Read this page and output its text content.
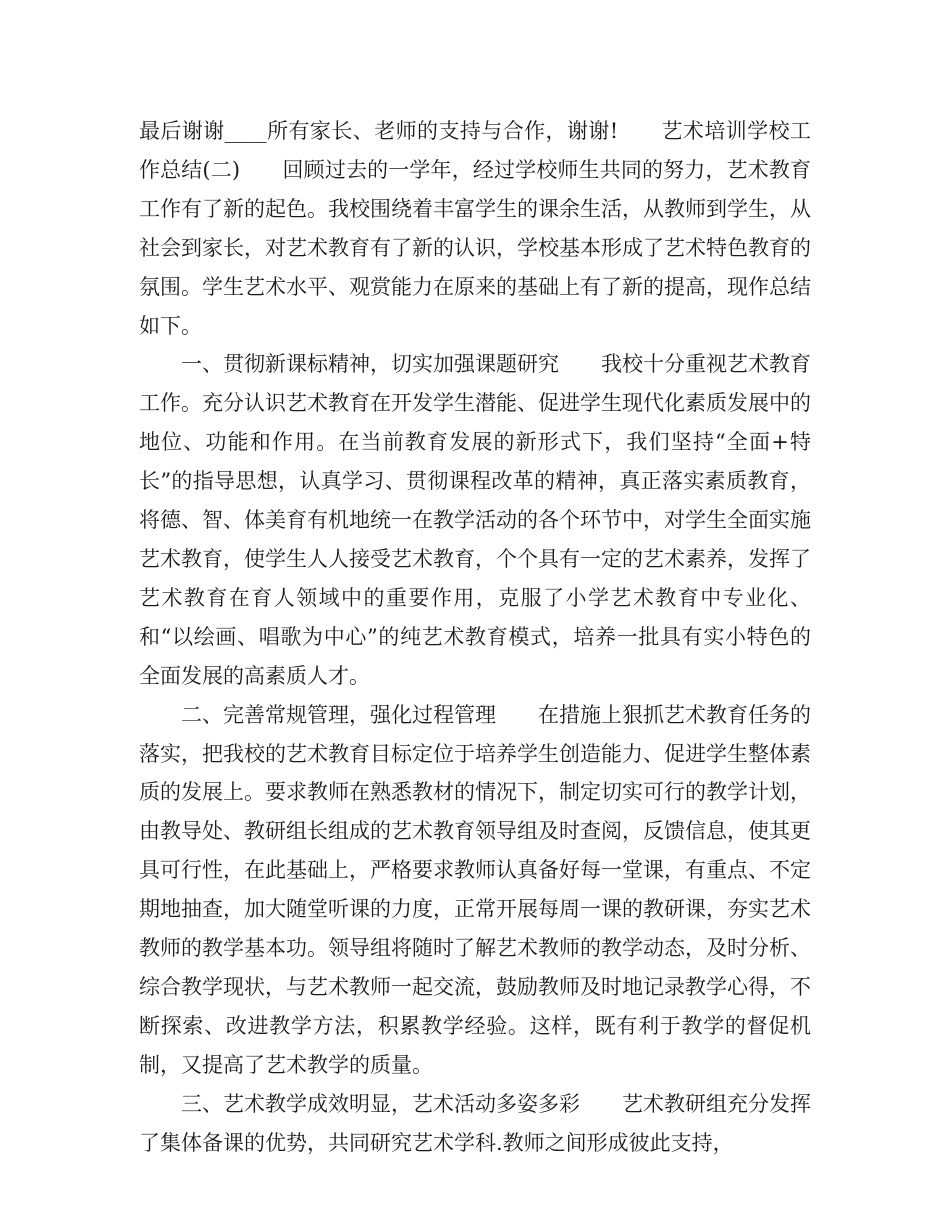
最后谢谢____所有家长、老师的支持与合作，谢谢!　　艺术培训学校工作总结(二)　　回顾过去的一学年，经过学校师生共同的努力，艺术教育工作有了新的起色。我校围绕着丰富学生的课余生活，从教师到学生，从社会到家长，对艺术教育有了新的认识，学校基本形成了艺术特色教育的氛围。学生艺术水平、观赏能力在原来的基础上有了新的提高，现作总结如下。

一、贯彻新课标精神，切实加强课题研究　　我校十分重视艺术教育工作。充分认识艺术教育在开发学生潜能、促进学生现代化素质发展中的地位、功能和作用。在当前教育发展的新形式下，我们坚持“全面+特长”的指导思想，认真学习、贯彻课程改革的精神，真正落实素质教育，将德、智、体美育有机地统一在教学活动的各个环节中，对学生全面实施艺术教育，使学生人人接受艺术教育，个个具有一定的艺术素养，发挥了艺术教育在育人领域中的重要作用，克服了小学艺术教育中专业化、和“以绘画、唱歌为中心”的纯艺术教育模式，培养一批具有实小特色的全面发展的高素质人才。

二、完善常规管理，强化过程管理　　在措施上狠抓艺术教育任务的落实，把我校的艺术教育目标定位于培养学生创造能力、促进学生整体素质的发展上。要求教师在熟悉教材的情况下，制定切实可行的教学计划，由教导处、教研组长组成的艺术教育领导组及时查阅，反馈信息，使其更具可行性，在此基础上，严格要求教师认真备好每一堂课，有重点、不定期地抽查，加大随堂听课的力度，正常开展每周一课的教研课，夯实艺术教师的教学基本功。领导组将随时了解艺术教师的教学动态，及时分析、综合教学现状，与艺术教师一起交流，鼓励教师及时地记录教学心得，不断探索、改进教学方法，积累教学经验。这样，既有利于教学的督促机制，又提高了艺术教学的质量。

三、艺术教学成效明显，艺术活动多姿多彩　　艺术教研组充分发挥了集体备课的优势，共同研究艺术学科.教师之间形成彼此支持，
